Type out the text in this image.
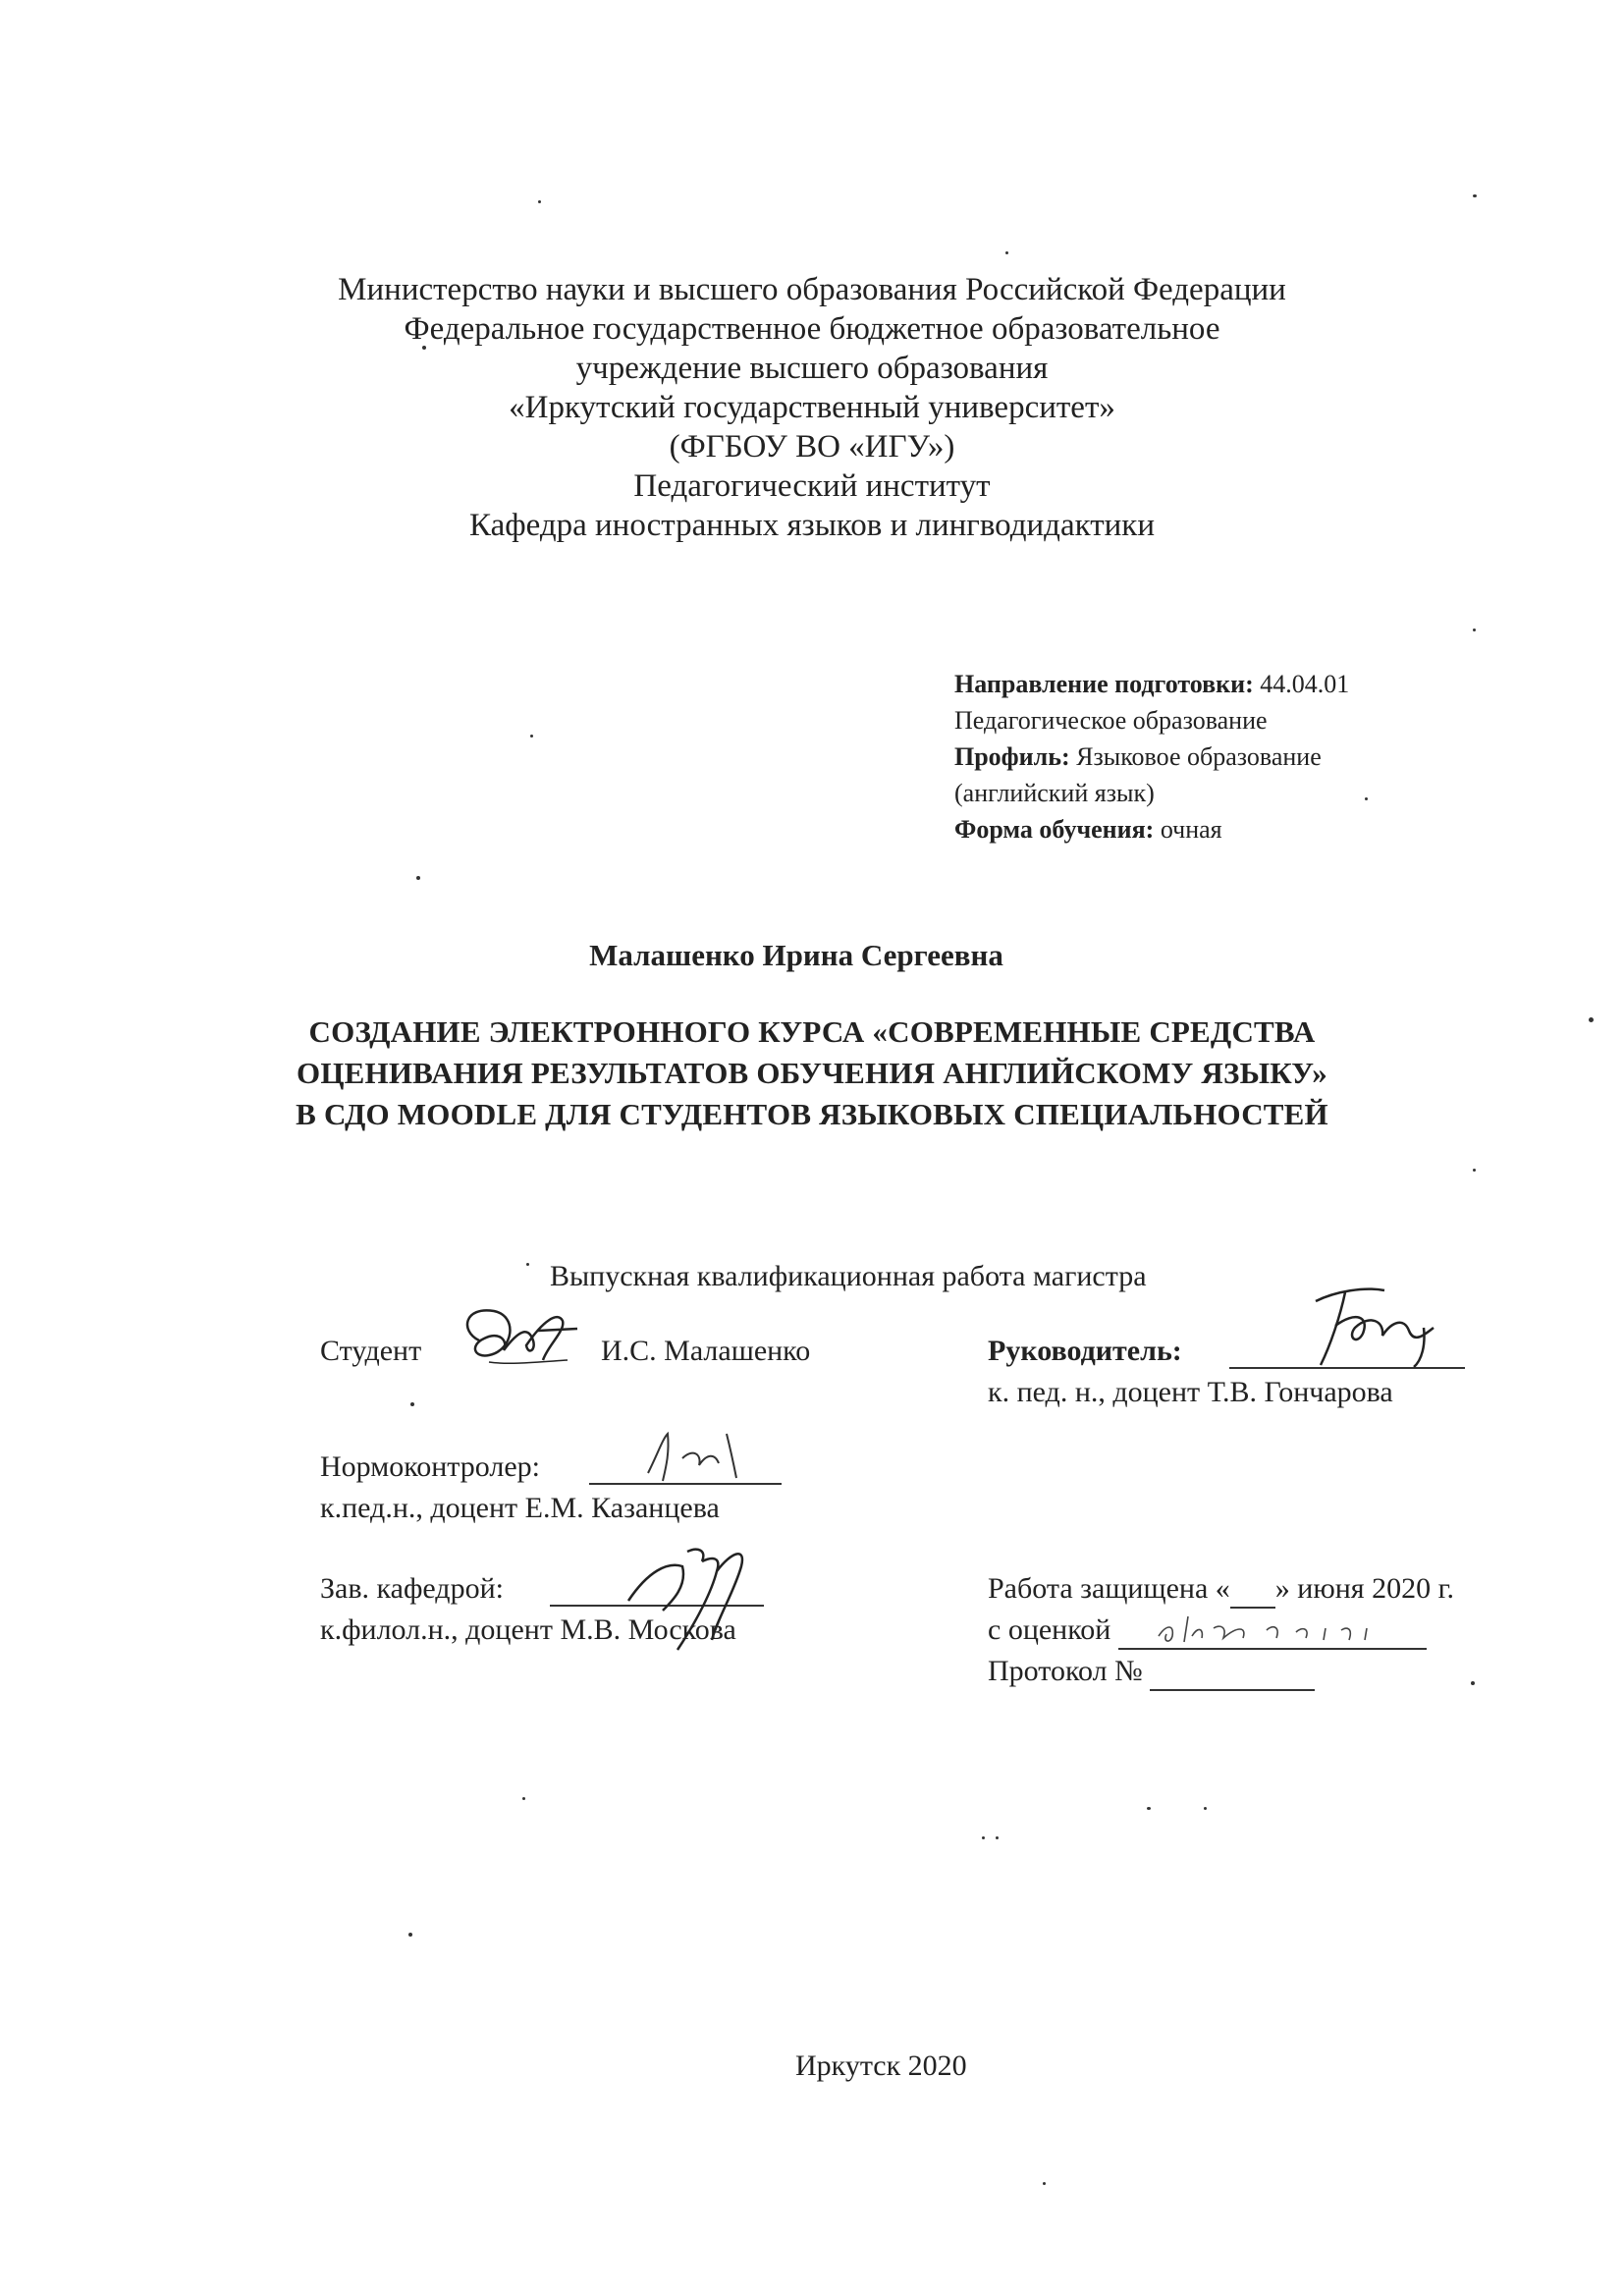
Министерство науки и высшего образования Российской Федерации
Федеральное государственное бюджетное образовательное
учреждение высшего образования
«Иркутский государственный университет»
(ФГБОУ ВО «ИГУ»)
Педагогический институт
Кафедра иностранных языков и лингводидактики
Направление подготовки: 44.04.01
Педагогическое образование
Профиль: Языковое образование
(английский язык)
Форма обучения: очная
Малашенко Ирина Сергеевна
СОЗДАНИЕ ЭЛЕКТРОННОГО КУРСА «СОВРЕМЕННЫЕ СРЕДСТВА
ОЦЕНИВАНИЯ РЕЗУЛЬТАТОВ ОБУЧЕНИЯ АНГЛИЙСКОМУ ЯЗЫКУ»
В СДО MOODLE ДЛЯ СТУДЕНТОВ ЯЗЫКОВЫХ СПЕЦИАЛЬНОСТЕЙ
Выпускная квалификационная работа магистра
Студент	И.С. Малашенко	Руководитель:
к. пед. н., доцент Т.В. Гончарова
Нормоконтролер:
к.пед.н., доцент Е.М. Казанцева
Зав. кафедрой:
к.филол.н., доцент М.В. Москова
Работа защищена « » июня 2020 г.
с оценкой
Протокол №
Иркутск 2020
